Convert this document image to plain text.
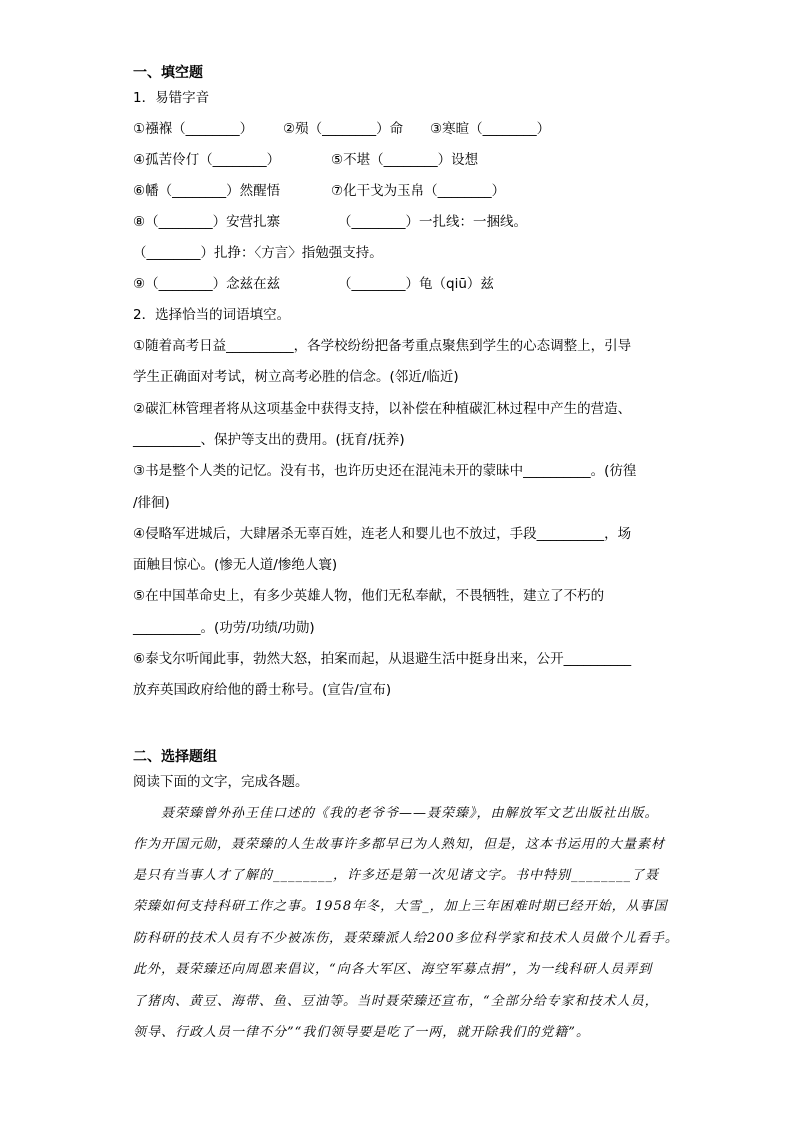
一、填空题
1．易错字音
①襁褓（________） ②殒（________）命 ③寒暄（________）
④孤苦伶仃（________）	⑤不堪（________）设想
⑥幡（________）然醒悟	⑦化干戈为玉帛（________）
⑧（________）安营扎寨	（________）一扎线：一捆线。
（________）扎挣：〈方言〉指勉强支持。
⑨（________）念兹在兹	（________）龟（qiū）兹
2．选择恰当的词语填空。
①随着高考日益__________，各学校纷纷把备考重点聚焦到学生的心态调整上，引导
学生正确面对考试，树立高考必胜的信念。(邻近/临近)
②碳汇林管理者将从这项基金中获得支持，以补偿在种植碳汇林过程中产生的营造、
__________、保护等支出的费用。(抚育/抚养)
③书是整个人类的记忆。没有书，也许历史还在混沌未开的蒙昧中__________。(彷徨
/徘徊)
④侵略军进城后，大肆屠杀无辜百姓，连老人和婴儿也不放过，手段__________，场
面触目惊心。(惨无人道/惨绝人寰)
⑤在中国革命史上，有多少英雄人物，他们无私奉献，不畏牺牲，建立了不朽的
__________。(功劳/功绩/功勋)
⑥泰戈尔听闻此事，勃然大怒，拍案而起，从退避生活中挺身出来，公开__________
放弃英国政府给他的爵士称号。(宣告/宣布)
二、选择题组
阅读下面的文字，完成各题。
　　聂荣臻曾外孙王佳口述的《我的老爷爷——聂荣臻》，由解放军文艺出版社出版。
作为开国元勋，聂荣臻的人生故事许多都早已为人熟知，但是，这本书运用的大量素材
是只有当事人才了解的________，许多还是第一次见诸文字。书中特别________了聂
荣臻如何支持科研工作之事。1958年冬，大雪_，加上三年困难时期已经开始，从事国
防科研的技术人员有不少被冻伤，聂荣臻派人给200多位科学家和技术人员做个儿看手。
此外，聂荣臻还向周恩来倡议，“向各大军区、海空军募点捐”，为一线科研人员弄到
了猪肉、黄豆、海带、鱼、豆油等。当时聂荣臻还宣布，“全部分给专家和技术人员，
领导、行政人员一律不分”“我们领导要是吃了一两，就开除我们的党籍”。
